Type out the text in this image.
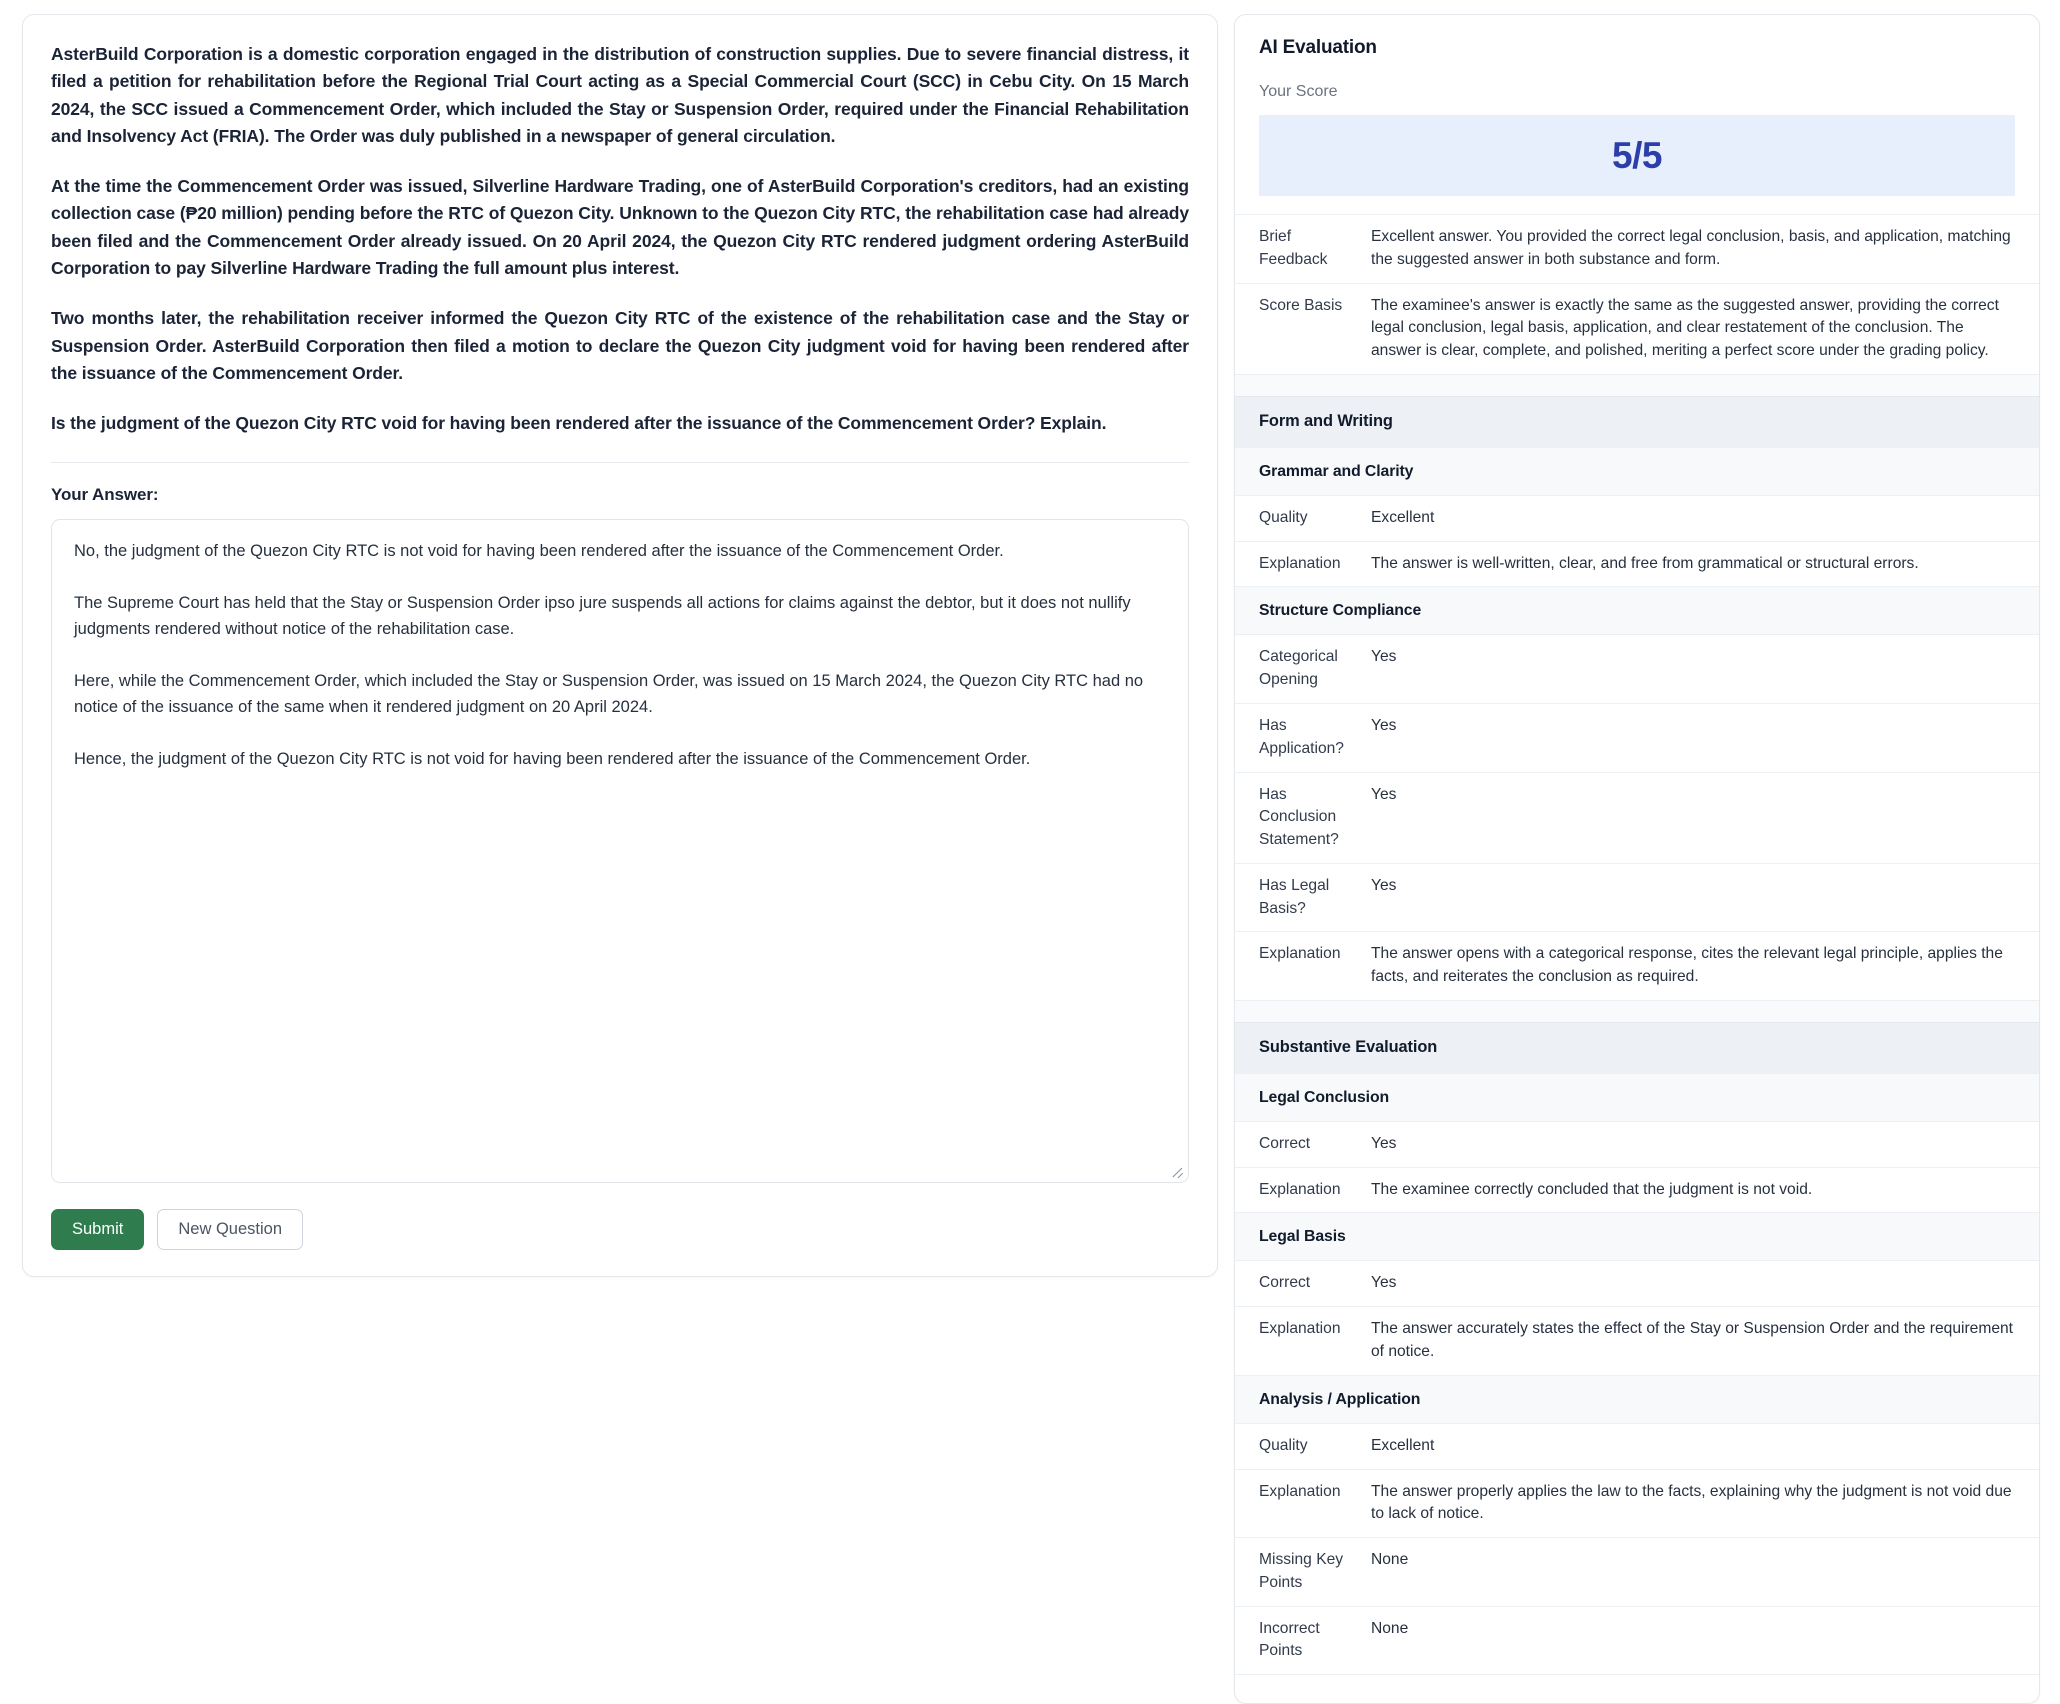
AsterBuild Corporation is a domestic corporation engaged in the distribution of construction supplies. Due to severe financial distress, it filed a petition for rehabilitation before the Regional Trial Court acting as a Special Commercial Court (SCC) in Cebu City. On 15 March 2024, the SCC issued a Commencement Order, which included the Stay or Suspension Order, required under the Financial Rehabilitation and Insolvency Act (FRIA). The Order was duly published in a newspaper of general circulation.

At the time the Commencement Order was issued, Silverline Hardware Trading, one of AsterBuild Corporation's creditors, had an existing collection case (₱20 million) pending before the RTC of Quezon City. Unknown to the Quezon City RTC, the rehabilitation case had already been filed and the Commencement Order already issued. On 20 April 2024, the Quezon City RTC rendered judgment ordering AsterBuild Corporation to pay Silverline Hardware Trading the full amount plus interest.

Two months later, the rehabilitation receiver informed the Quezon City RTC of the existence of the rehabilitation case and the Stay or Suspension Order. AsterBuild Corporation then filed a motion to declare the Quezon City judgment void for having been rendered after the issuance of the Commencement Order.

Is the judgment of the Quezon City RTC void for having been rendered after the issuance of the Commencement Order? Explain.

Your Answer:

No, the judgment of the Quezon City RTC is not void for having been rendered after the issuance of the Commencement Order.

The Supreme Court has held that the Stay or Suspension Order ipso jure suspends all actions for claims against the debtor, but it does not nullify judgments rendered without notice of the rehabilitation case.

Here, while the Commencement Order, which included the Stay or Suspension Order, was issued on 15 March 2024, the Quezon City RTC had no notice of the issuance of the same when it rendered judgment on 20 April 2024.

Hence, the judgment of the Quezon City RTC is not void for having been rendered after the issuance of the Commencement Order.

Submit	New Question
AI Evaluation
Your Score
5/5
Brief Feedback	Excellent answer. You provided the correct legal conclusion, basis, and application, matching the suggested answer in both substance and form.
Score Basis	The examinee's answer is exactly the same as the suggested answer, providing the correct legal conclusion, legal basis, application, and clear restatement of the conclusion. The answer is clear, complete, and polished, meriting a perfect score under the grading policy.

Form and Writing	
Grammar and Clarity	
Quality	Excellent
Explanation	The answer is well-written, clear, and free from grammatical or structural errors.
Structure Compliance	
Categorical Opening	Yes
Has Application?	Yes
Has Conclusion Statement?	Yes
Has Legal Basis?	Yes
Explanation	The answer opens with a categorical response, cites the relevant legal principle, applies the facts, and reiterates the conclusion as required.

Substantive Evaluation	
Legal Conclusion	
Correct	Yes
Explanation	The examinee correctly concluded that the judgment is not void.
Legal Basis	
Correct	Yes
Explanation	The answer accurately states the effect of the Stay or Suspension Order and the requirement of notice.
Analysis / Application	
Quality	Excellent
Explanation	The answer properly applies the law to the facts, explaining why the judgment is not void due to lack of notice.
Missing Key Points	None
Incorrect Points	None
